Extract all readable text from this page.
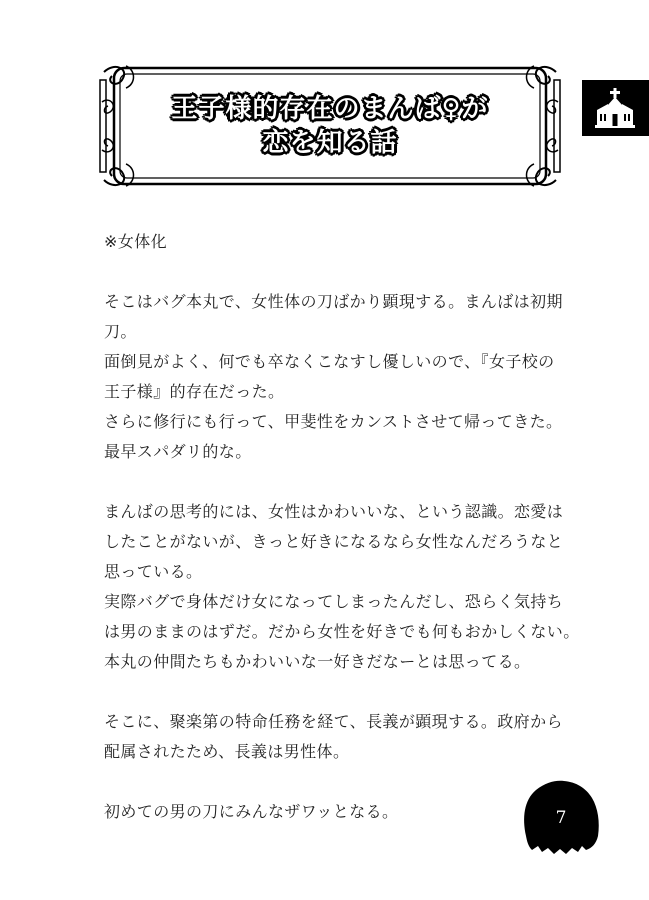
王子様的存在のまんば♀が
恋を知る話

※女体化

そこはバグ本丸で、女性体の刀ばかり顕現する。まんばは初期

刀。

面倒見がよく、何でも卒なくこなすし優しいので、『女子校の

王子様』的存在だった。

さらに修行にも行って、甲斐性をカンストさせて帰ってきた。

最早スパダリ的な。

まんばの思考的には、女性はかわいいな、という認識。恋愛は

したことがないが、きっと好きになるなら女性なんだろうなと

思っている。

実際バグで身体だけ女になってしまったんだし、恐らく気持ち

は男のままのはずだ。だから女性を好きでも何もおかしくない。

本丸の仲間たちもかわいいな一好きだなーとは思ってる。

そこに、聚楽第の特命任務を経て、長義が顕現する。政府から

配属されたため、長義は男性体。

初めての男の刀にみんなザワッとなる。	7
